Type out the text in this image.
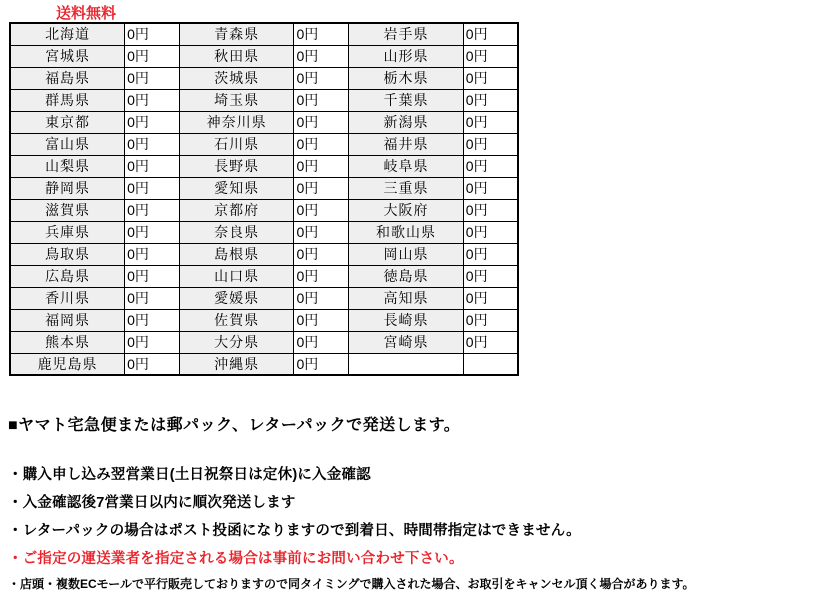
送料無料
北海道	0円	青森県	0円	岩手県	0円
宮城県	0円	秋田県	0円	山形県	0円
福島県	0円	茨城県	0円	栃木県	0円
群馬県	0円	埼玉県	0円	千葉県	0円
東京都	0円	神奈川県	0円	新潟県	0円
富山県	0円	石川県	0円	福井県	0円
山梨県	0円	長野県	0円	岐阜県	0円
静岡県	0円	愛知県	0円	三重県	0円
滋賀県	0円	京都府	0円	大阪府	0円
兵庫県	0円	奈良県	0円	和歌山県	0円
鳥取県	0円	島根県	0円	岡山県	0円
広島県	0円	山口県	0円	徳島県	0円
香川県	0円	愛媛県	0円	高知県	0円
福岡県	0円	佐賀県	0円	長崎県	0円
熊本県	0円	大分県	0円	宮崎県	0円
鹿児島県	0円	沖縄県	0円		

■ヤマト宅急便または郵パック、レターパックで発送します。

・購入申し込み翌営業日(土日祝祭日は定休)に入金確認

・入金確認後7営業日以内に順次発送します

・レターパックの場合はポスト投函になりますので到着日、時間帯指定はできません。

・ご指定の運送業者を指定される場合は事前にお問い合わせ下さい。

・店頭・複数ECモールで平行販売しておりますので同タイミングで購入された場合、お取引をキャンセル頂く場合があります。
